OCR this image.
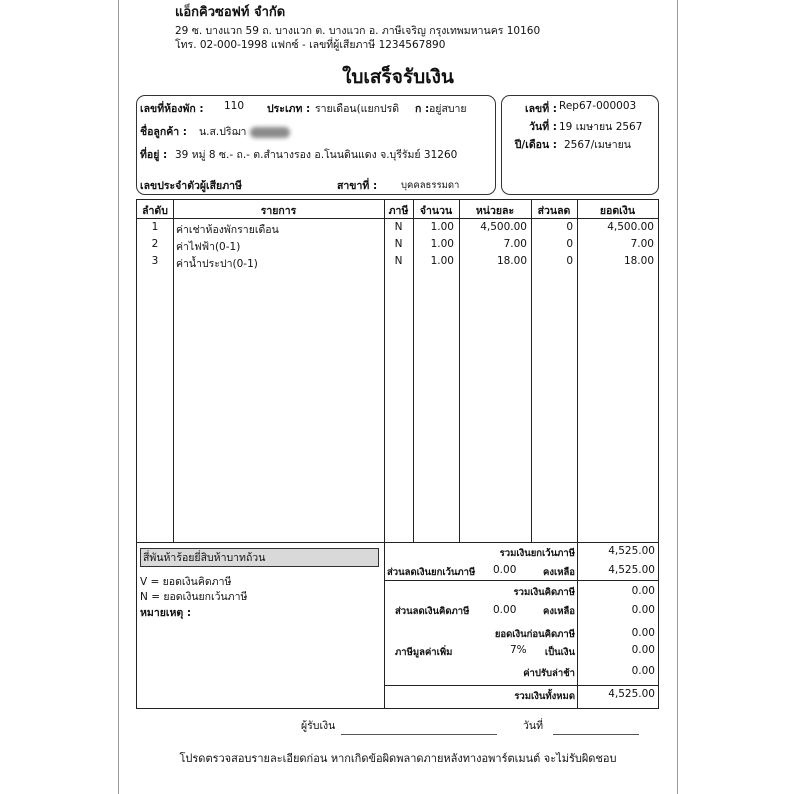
แอ็กคิวซอฟท์ จำกัด
29 ซ. บางแวก 59 ถ. บางแวก ต. บางแวก อ. ภาษีเจริญ กรุงเทพมหานคร 10160
โทร. 02-000-1998 แฟกซ์ - เลขที่ผู้เสียภาษี 1234567890
ใบเสร็จรับเงิน
เลขที่ห้องพัก : 110 ประเภท : รายเดือน(แยกปรดิ ก : อยู่สบาย
ชื่อลูกค้า : น.ส.ปริฌา
ที่อยู่ : 39 หมู่ 8 ซ.- ถ.- ต.สำนางรอง อ.โนนดินแดง จ.บุรีรัมย์ 31260
เลขประจำตัวผู้เสียภาษี	สาขาที่ :	บุคคลธรรมดา
เลขที่ : Rep67-000003
วันที่ : 19 เมษายน 2567
ปี/เดือน : 2567/เมษายน
ลำดับ	รายการ	ภาษี	จำนวน	หน่วยละ	ส่วนลด	ยอดเงิน
1	ค่าเช่าห้องพักรายเดือน	N	1.00	4,500.00	0	4,500.00
2	ค่าไฟฟ้า(0-1)	N	1.00	7.00	0	7.00
3	ค่าน้ำประปา(0-1)	N	1.00	18.00	0	18.00
สี่พันห้าร้อยยี่สิบห้าบาทถ้วน
V = ยอดเงินคิดภาษี
N = ยอดเงินยกเว้นภาษี
หมายเหตุ :
รวมเงินยกเว้นภาษี	4,525.00
ส่วนลดเงินยกเว้นภาษี 0.00	คงเหลือ	4,525.00
รวมเงินคิดภาษี	0.00
ส่วนลดเงินคิดภาษี 0.00	คงเหลือ	0.00
ยอดเงินก่อนคิดภาษี	0.00
ภาษีมูลค่าเพิ่ม	7% เป็นเงิน	0.00
ค่าปรับล่าช้า	0.00
รวมเงินทั้งหมด	4,525.00
ผู้รับเงิน	วันที่
โปรดตรวจสอบรายละเอียดก่อน หากเกิดข้อผิดพลาดภายหลังทางอพาร์ตเมนต์ จะไม่รับผิดชอบ
